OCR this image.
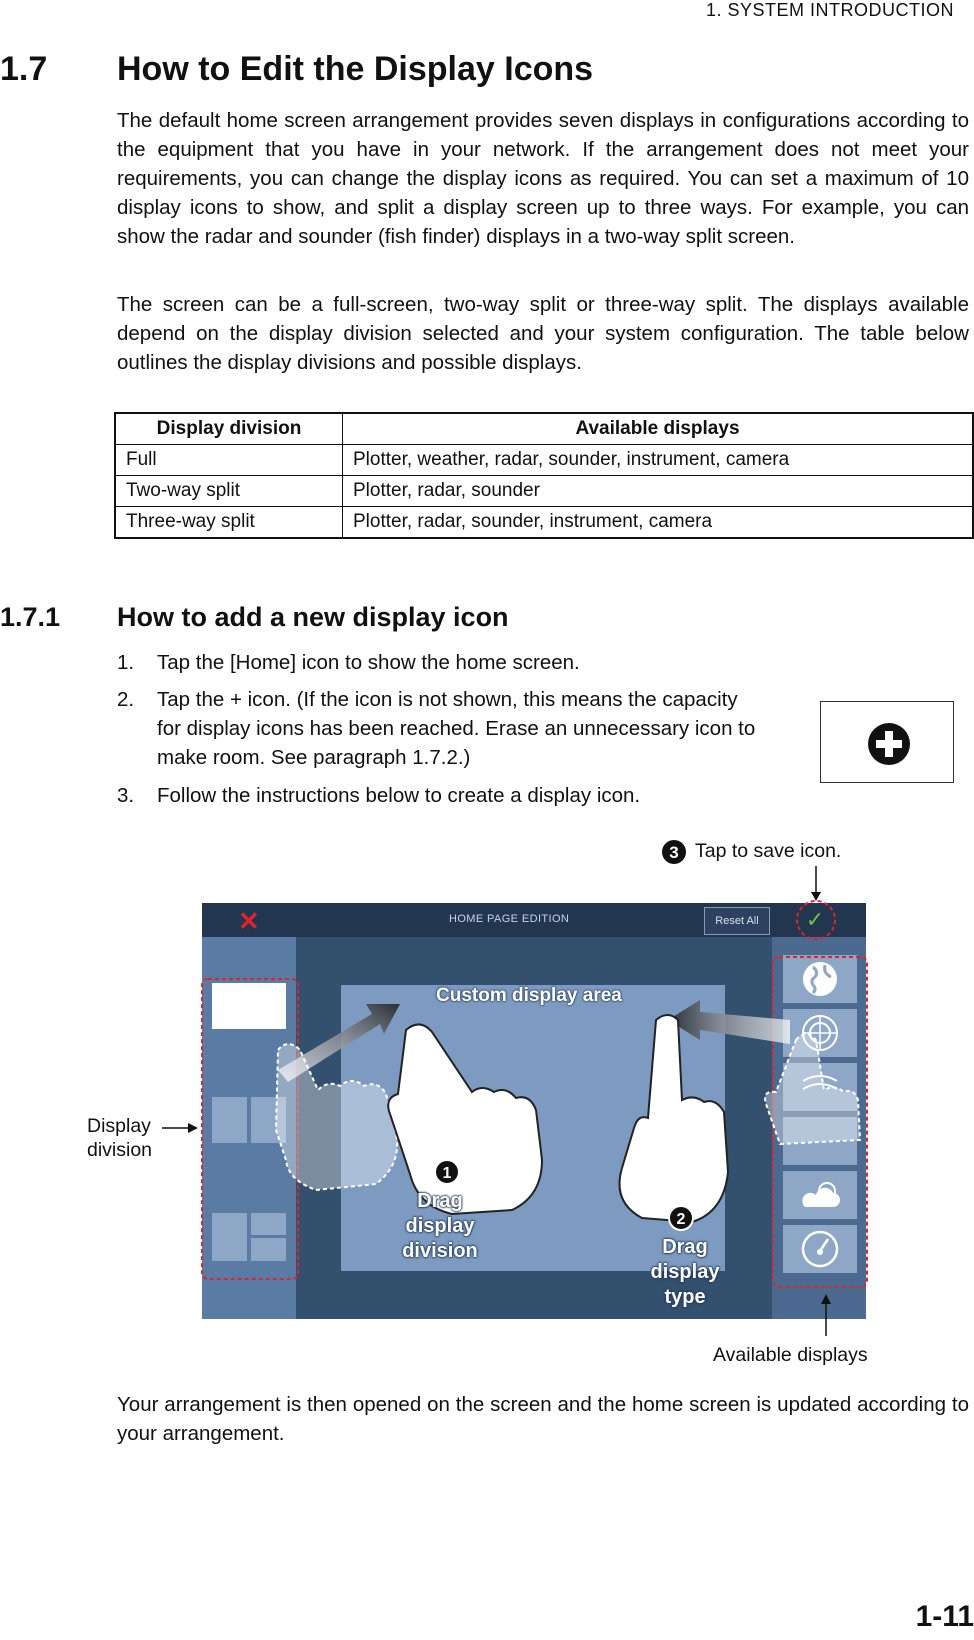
1. SYSTEM INTRODUCTION
1.7 How to Edit the Display Icons

The default home screen arrangement provides seven displays in configurations according to the equipment that you have in your network. If the arrangement does not meet your requirements, you can change the display icons as required. You can set a maximum of 10 display icons to show, and split a display screen up to three ways. For example, you can show the radar and sounder (fish finder) displays in a two-way split screen.

The screen can be a full-screen, two-way split or three-way split. The displays available depend on the display division selected and your system configuration. The table below outlines the display divisions and possible displays.

Display division	Available displays
Full	Plotter, weather, radar, sounder, instrument, camera
Two-way split	Plotter, radar, sounder
Three-way split	Plotter, radar, sounder, instrument, camera
1.7.1 How to add a new display icon
1. Tap the [Home] icon to show the home screen.
2. Tap the + icon. (If the icon is not shown, this means the capacity for display icons has been reached. Erase an unnecessary icon to make room. See paragraph 1.7.2.)
3. Follow the instructions below to create a display icon.
3 Tap to save icon.
✕	HOME PAGE EDITION	Reset All	✓
Custom display area
1
2
Drag
display
division	Drag
display
type
Display
division
Available displays

Your arrangement is then opened on the screen and the home screen is updated according to your arrangement.

1-11
